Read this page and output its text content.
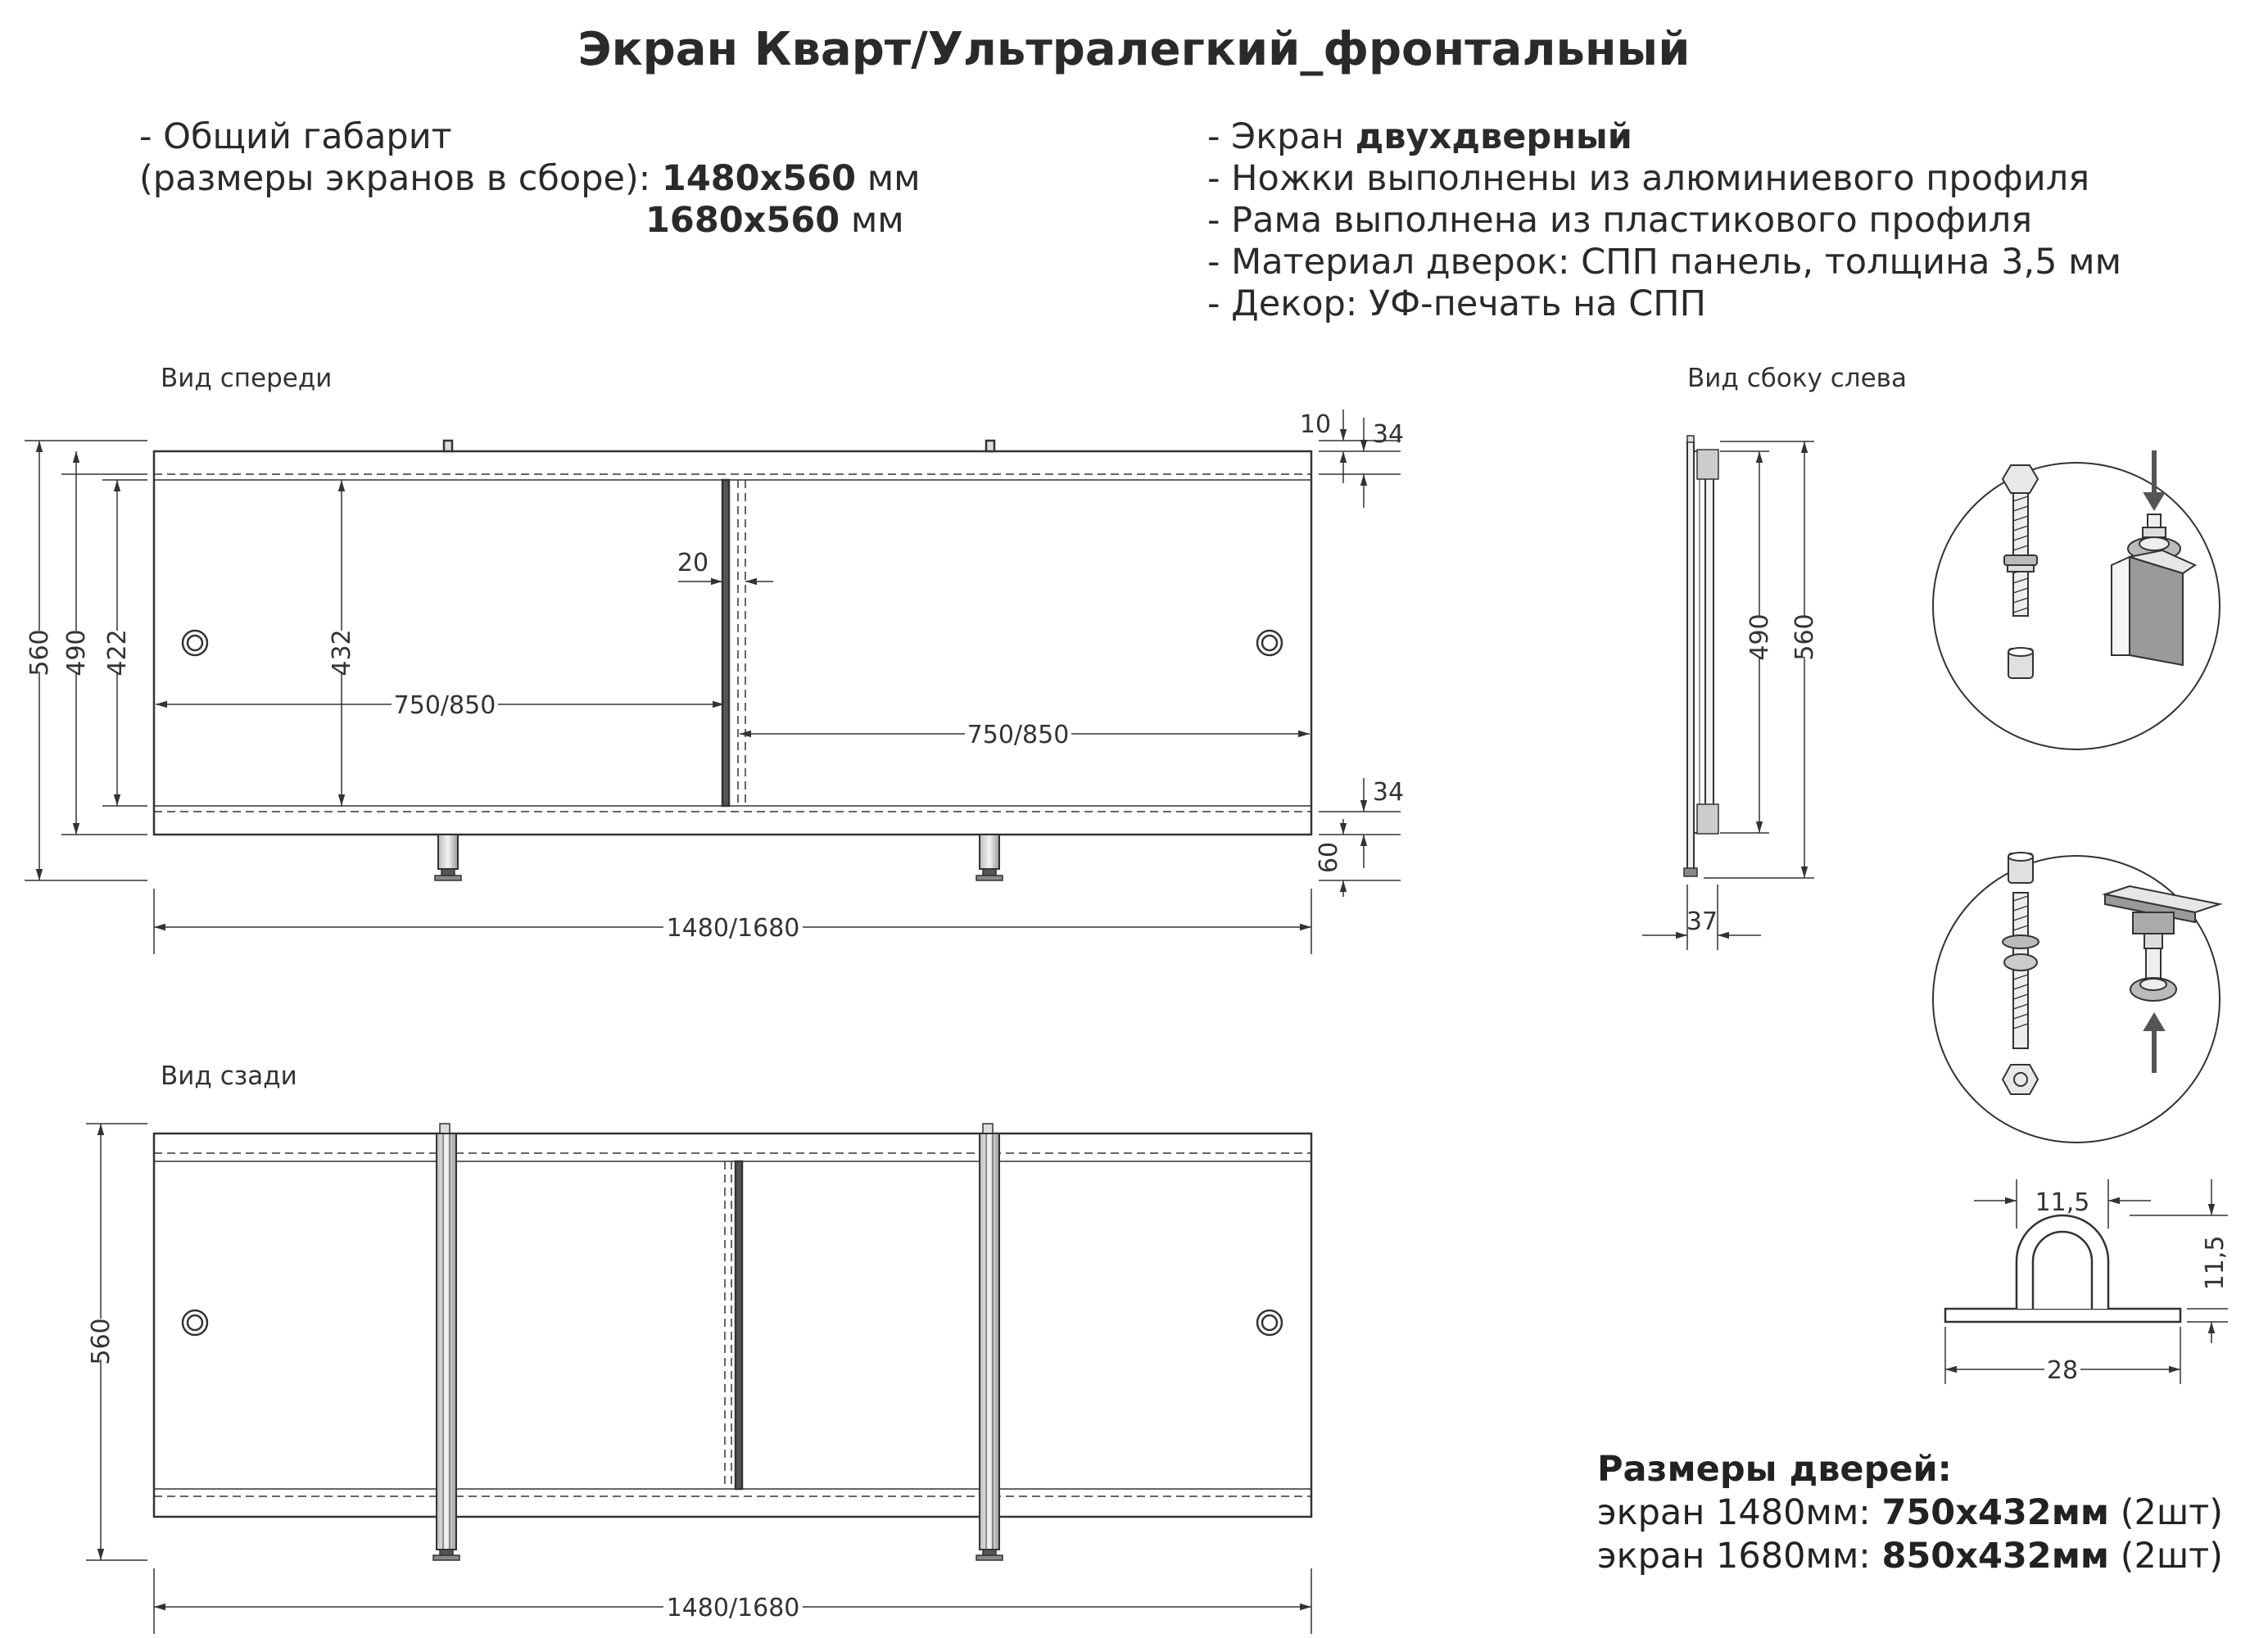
Экран Кварт/Ультралегкий_фронтальный
- Общий габарит
(размеры экранов в сборе): 1480x560 мм
1680x560 мм
- Экран двухдверный
- Ножки выполнены из алюминиевого профиля
- Рама выполнена из пластикового профиля
- Материал дверок: СПП панель, толщина 3,5 мм
- Декор: УФ-печать на СПП
Вид спереди
Вид сзади
Вид сбоку слева
Размеры дверей:
экран 1480мм: 750х432мм (2шт)
экран 1680мм: 850х432мм (2шт)
560 490 422	432
750/850
750/850
20
10 34
34
60
1480/1680
560
1480/1680
490 560
37
11,5
11,5
28
